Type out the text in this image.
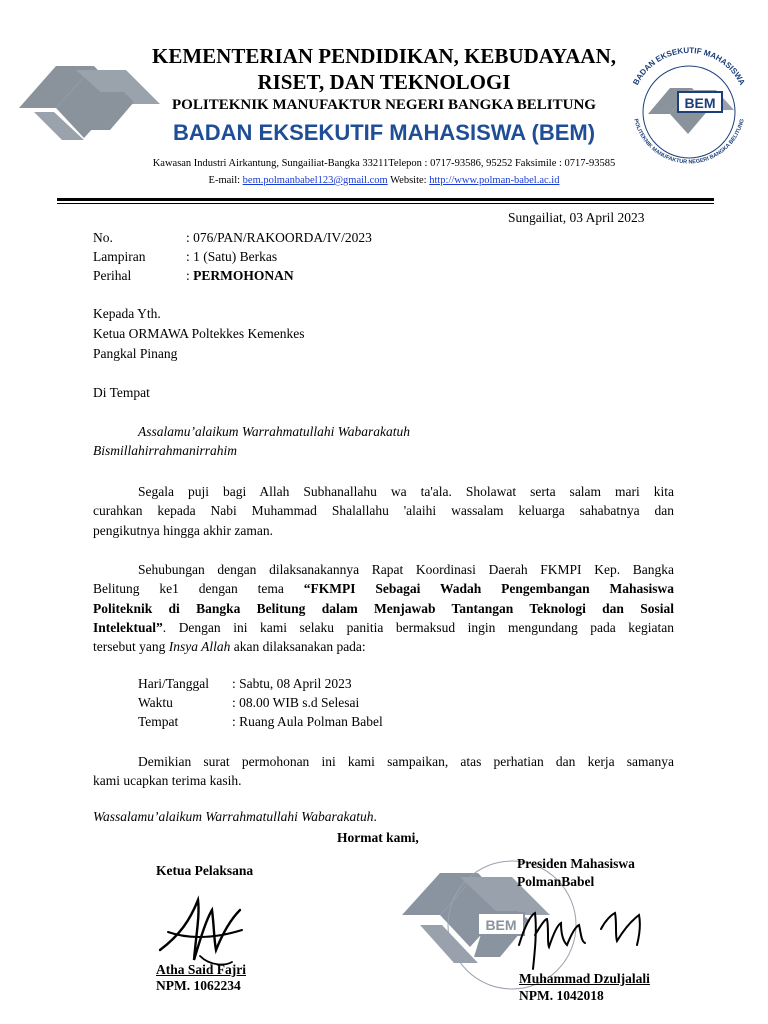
KEMENTERIAN PENDIDIKAN, KEBUDAYAAN,
RISET, DAN TEKNOLOGI
POLITEKNIK MANUFAKTUR NEGERI BANGKA BELITUNG
BADAN EKSEKUTIF MAHASISWA (BEM)
Kawasan Industri Airkantung, Sungailiat-Bangka 33211Telepon : 0717-93586, 95252 Faksimile : 0717-93585
E-mail: bem.polmanbabel123@gmail.com Website: http://www.polman-babel.ac.id
BEM
BADAN EKSEKUTIF MAHASISWA
POLITEKNIK MANUFAKTUR NEGERI BANGKA BELITUNG
Sungailiat, 03 April 2023
No.	: 076/PAN/RAKOORDA/IV/2023
Lampiran	: 1 (Satu) Berkas
Perihal	: PERMOHONAN
Kepada Yth.
Ketua ORMAWA Poltekkes Kemenkes
Pangkal Pinang
Di Tempat
Assalamu’alaikum Warrahmatullahi Wabarakatuh
Bismillahirrahmanirrahim
Segala puji bagi Allah Subhanallahu wa ta'ala. Sholawat serta salam mari kita
curahkan kepada Nabi Muhammad Shalallahu 'alaihi wassalam keluarga sahabatnya dan
pengikutnya hingga akhir zaman.
Sehubungan dengan dilaksanakannya Rapat Koordinasi Daerah FKMPI Kep. Bangka
Belitung ke1 dengan tema “FKMPI Sebagai Wadah Pengembangan Mahasiswa
Politeknik di Bangka Belitung dalam Menjawab Tantangan Teknologi dan Sosial
Intelektual”. Dengan ini kami selaku panitia bermaksud ingin mengundang pada kegiatan
tersebut yang Insya Allah akan dilaksanakan pada:
Hari/Tanggal : Sabtu, 08 April 2023
Waktu	: 08.00 WIB s.d Selesai
Tempat	: Ruang Aula Polman Babel
Demikian surat permohonan ini kami sampaikan, atas perhatian dan kerja samanya
kami ucapkan terima kasih.
Wassalamu’alaikum Warrahmatullahi Wabarakatuh.
Hormat kami,
Ketua Pelaksana
BEM
Presiden Mahasiswa
PolmanBabel
Atha Said Fajri
NPM. 1062234	Muhammad Dzuljalali
NPM. 1042018
